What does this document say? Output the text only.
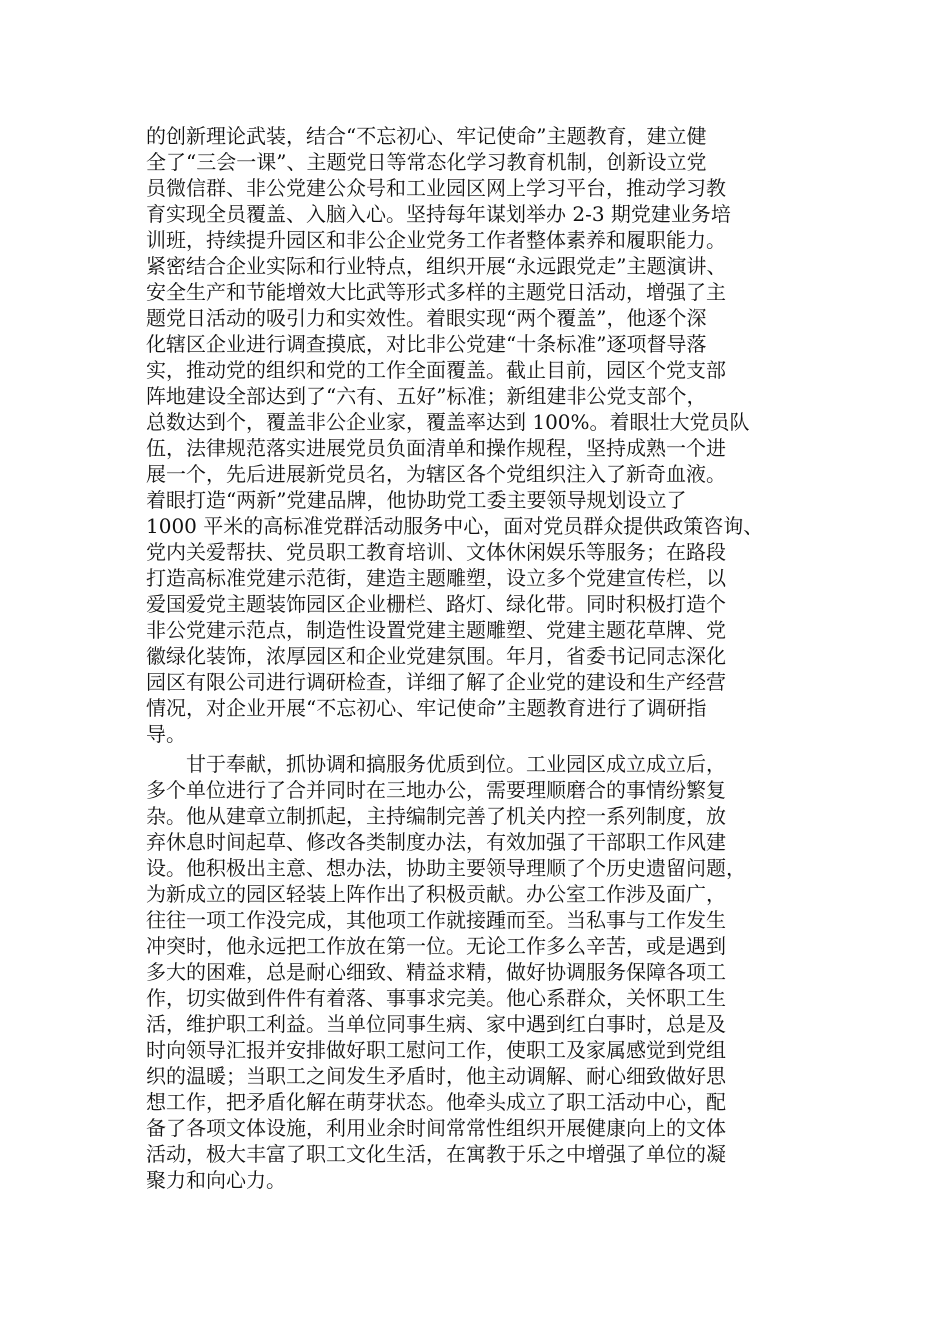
的创新理论武装，结合“不忘初心、牢记使命”主题教育，建立健
全了“三会一课”、主题党日等常态化学习教育机制，创新设立党
员微信群、非公党建公众号和工业园区网上学习平台，推动学习教
育实现全员覆盖、入脑入心。坚持每年谋划举办 2-3 期党建业务培
训班，持续提升园区和非公企业党务工作者整体素养和履职能力。
紧密结合企业实际和行业特点，组织开展“永远跟党走”主题演讲、
安全生产和节能增效大比武等形式多样的主题党日活动，增强了主
题党日活动的吸引力和实效性。着眼实现“两个覆盖”，他逐个深
化辖区企业进行调查摸底，对比非公党建“十条标准”逐项督导落
实，推动党的组织和党的工作全面覆盖。截止目前，园区个党支部
阵地建设全部达到了“六有、五好”标准；新组建非公党支部个，
总数达到个，覆盖非公企业家，覆盖率达到 100%。着眼壮大党员队
伍，法律规范落实进展党员负面清单和操作规程，坚持成熟一个进
展一个，先后进展新党员名，为辖区各个党组织注入了新奇血液。
着眼打造“两新”党建品牌，他协助党工委主要领导规划设立了
1000 平米的高标准党群活动服务中心，面对党员群众提供政策咨询、
党内关爱帮扶、党员职工教育培训、文体休闲娱乐等服务；在路段
打造高标准党建示范街，建造主题雕塑，设立多个党建宣传栏，以
爱国爱党主题装饰园区企业栅栏、路灯、绿化带。同时积极打造个
非公党建示范点，制造性设置党建主题雕塑、党建主题花草牌、党
徽绿化装饰，浓厚园区和企业党建氛围。年月，省委书记同志深化
园区有限公司进行调研检查，详细了解了企业党的建设和生产经营
情况，对企业开展“不忘初心、牢记使命”主题教育进行了调研指
导。
　　甘于奉献，抓协调和搞服务优质到位。工业园区成立成立后，
多个单位进行了合并同时在三地办公，需要理顺磨合的事情纷繁复
杂。他从建章立制抓起，主持编制完善了机关内控一系列制度，放
弃休息时间起草、修改各类制度办法，有效加强了干部职工作风建
设。他积极出主意、想办法，协助主要领导理顺了个历史遗留问题，
为新成立的园区轻装上阵作出了积极贡献。办公室工作涉及面广，
往往一项工作没完成，其他项工作就接踵而至。当私事与工作发生
冲突时，他永远把工作放在第一位。无论工作多么辛苦，或是遇到
多大的困难，总是耐心细致、精益求精，做好协调服务保障各项工
作，切实做到件件有着落、事事求完美。他心系群众，关怀职工生
活，维护职工利益。当单位同事生病、家中遇到红白事时，总是及
时向领导汇报并安排做好职工慰问工作，使职工及家属感觉到党组
织的温暖；当职工之间发生矛盾时，他主动调解、耐心细致做好思
想工作，把矛盾化解在萌芽状态。他牵头成立了职工活动中心，配
备了各项文体设施，利用业余时间常常性组织开展健康向上的文体
活动，极大丰富了职工文化生活，在寓教于乐之中增强了单位的凝
聚力和向心力。
